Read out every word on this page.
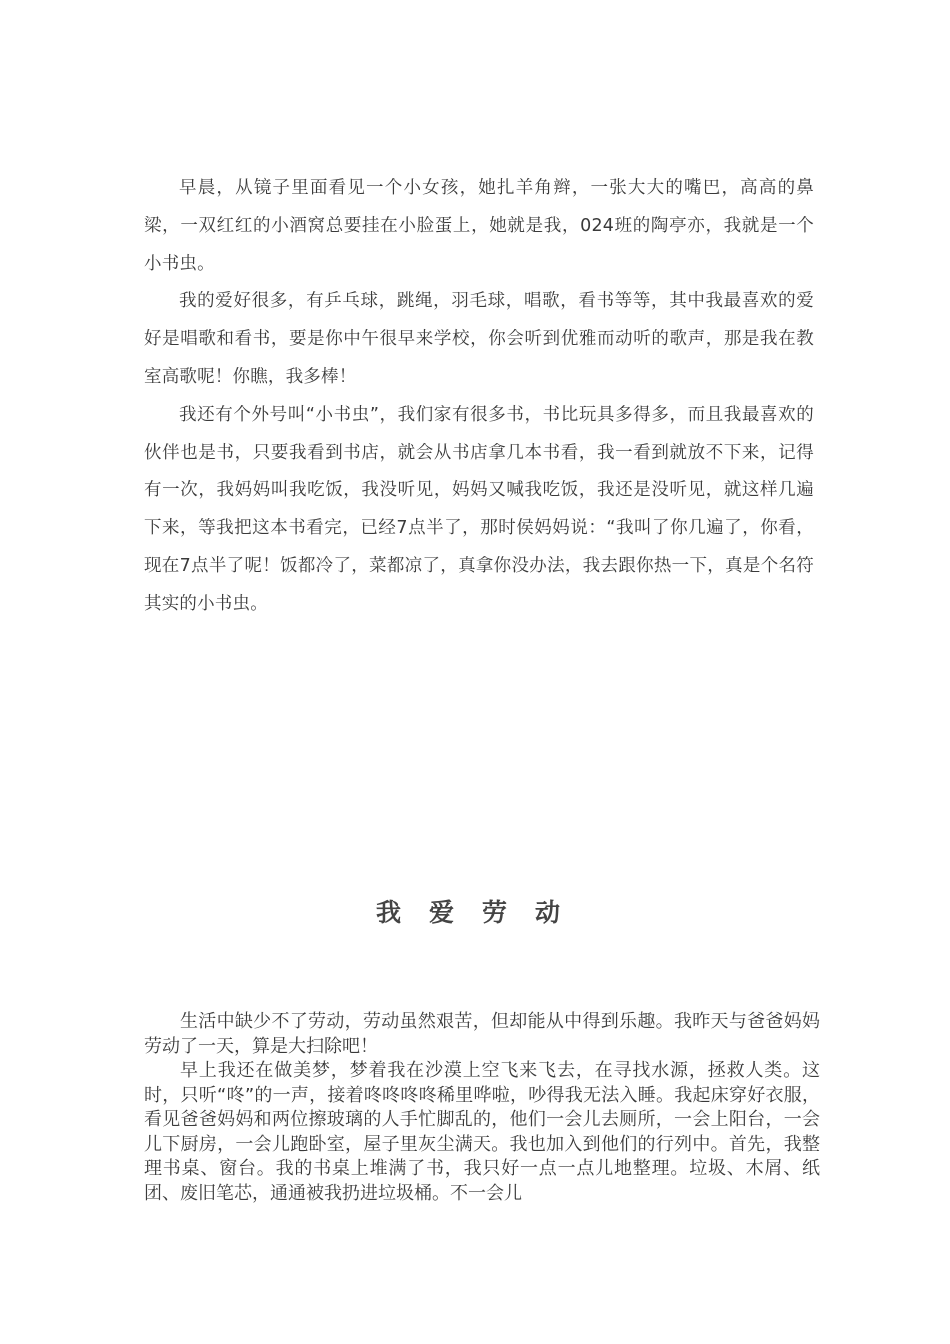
早晨，从镜子里面看见一个小女孩，她扎羊角辫，一张大大的嘴巴，高高的鼻梁，一双红红的小酒窝总要挂在小脸蛋上，她就是我，024班的陶亭亦，我就是一个小书虫。

我的爱好很多，有乒乓球，跳绳，羽毛球，唱歌，看书等等，其中我最喜欢的爱好是唱歌和看书，要是你中午很早来学校，你会听到优雅而动听的歌声，那是我在教室高歌呢！你瞧，我多棒！

我还有个外号叫“小书虫”，我们家有很多书，书比玩具多得多，而且我最喜欢的伙伴也是书，只要我看到书店，就会从书店拿几本书看，我一看到就放不下来，记得有一次，我妈妈叫我吃饭，我没听见，妈妈又喊我吃饭，我还是没听见，就这样几遍下来，等我把这本书看完，已经7点半了，那时侯妈妈说：“我叫了你几遍了，你看，现在7点半了呢！饭都冷了，菜都凉了，真拿你没办法，我去跟你热一下，真是个名符其实的小书虫。

我 爱 劳 动

生活中缺少不了劳动，劳动虽然艰苦，但却能从中得到乐趣。我昨天与爸爸妈妈劳动了一天，算是大扫除吧！

早上我还在做美梦，梦着我在沙漠上空飞来飞去，在寻找水源，拯救人类。这时，只听“咚”的一声，接着咚咚咚咚稀里哗啦，吵得我无法入睡。我起床穿好衣服，看见爸爸妈妈和两位擦玻璃的人手忙脚乱的，他们一会儿去厕所，一会上阳台，一会儿下厨房，一会儿跑卧室，屋子里灰尘满天。我也加入到他们的行列中。首先，我整理书桌、窗台。我的书桌上堆满了书，我只好一点一点儿地整理。垃圾、木屑、纸团、废旧笔芯，通通被我扔进垃圾桶。不一会儿
